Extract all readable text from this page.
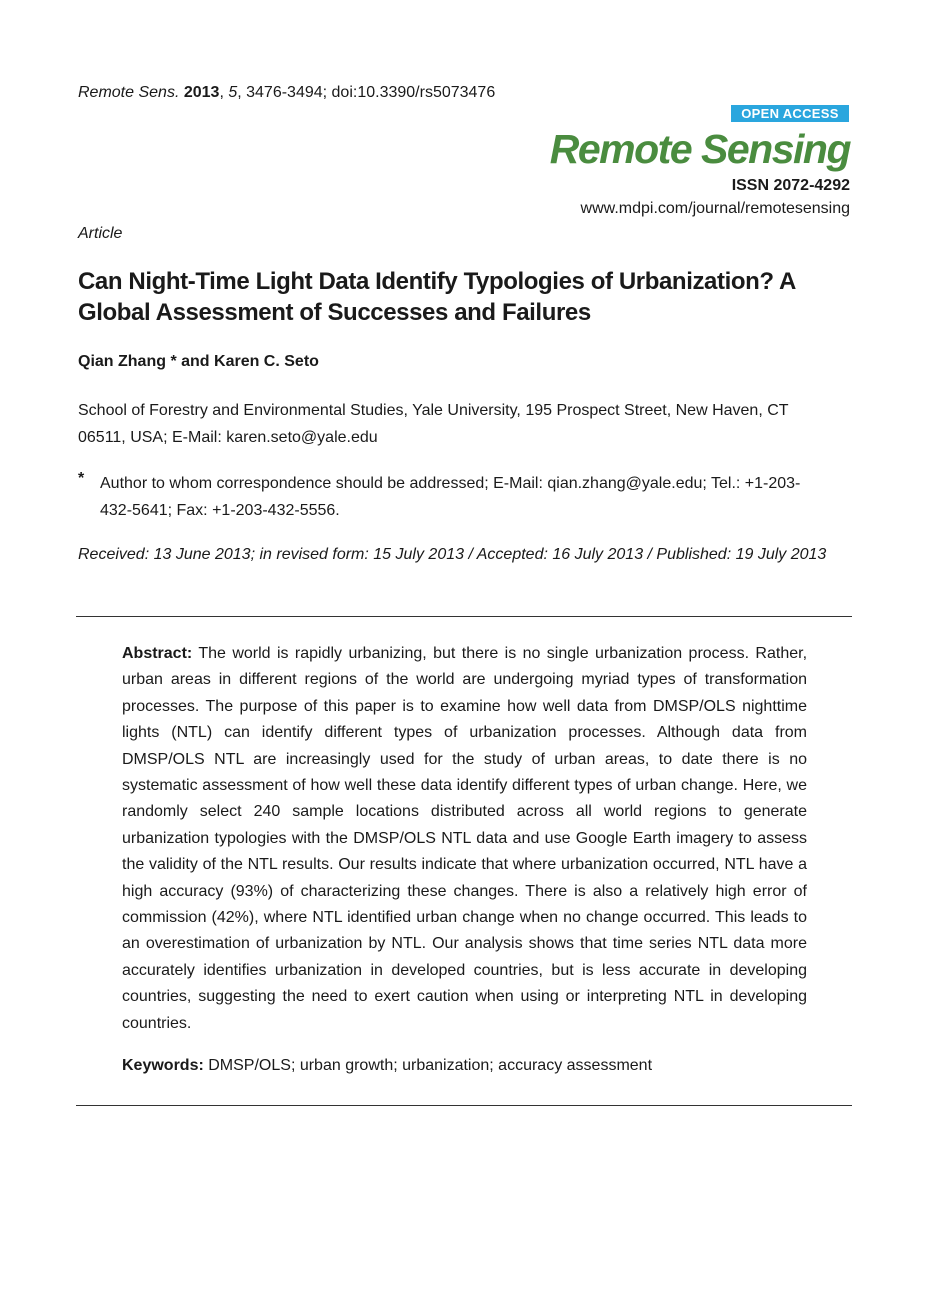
Remote Sens. 2013, 5, 3476-3494; doi:10.3390/rs5073476
OPEN ACCESS
Remote Sensing
ISSN 2072-4292
www.mdpi.com/journal/remotesensing
Article
Can Night-Time Light Data Identify Typologies of Urbanization? A Global Assessment of Successes and Failures
Qian Zhang * and Karen C. Seto
School of Forestry and Environmental Studies, Yale University, 195 Prospect Street, New Haven, CT 06511, USA; E-Mail: karen.seto@yale.edu
* Author to whom correspondence should be addressed; E-Mail: qian.zhang@yale.edu; Tel.: +1-203-432-5641; Fax: +1-203-432-5556.
Received: 13 June 2013; in revised form: 15 July 2013 / Accepted: 16 July 2013 / Published: 19 July 2013
Abstract: The world is rapidly urbanizing, but there is no single urbanization process. Rather, urban areas in different regions of the world are undergoing myriad types of transformation processes. The purpose of this paper is to examine how well data from DMSP/OLS nighttime lights (NTL) can identify different types of urbanization processes. Although data from DMSP/OLS NTL are increasingly used for the study of urban areas, to date there is no systematic assessment of how well these data identify different types of urban change. Here, we randomly select 240 sample locations distributed across all world regions to generate urbanization typologies with the DMSP/OLS NTL data and use Google Earth imagery to assess the validity of the NTL results. Our results indicate that where urbanization occurred, NTL have a high accuracy (93%) of characterizing these changes. There is also a relatively high error of commission (42%), where NTL identified urban change when no change occurred. This leads to an overestimation of urbanization by NTL. Our analysis shows that time series NTL data more accurately identifies urbanization in developed countries, but is less accurate in developing countries, suggesting the need to exert caution when using or interpreting NTL in developing countries.
Keywords: DMSP/OLS; urban growth; urbanization; accuracy assessment
